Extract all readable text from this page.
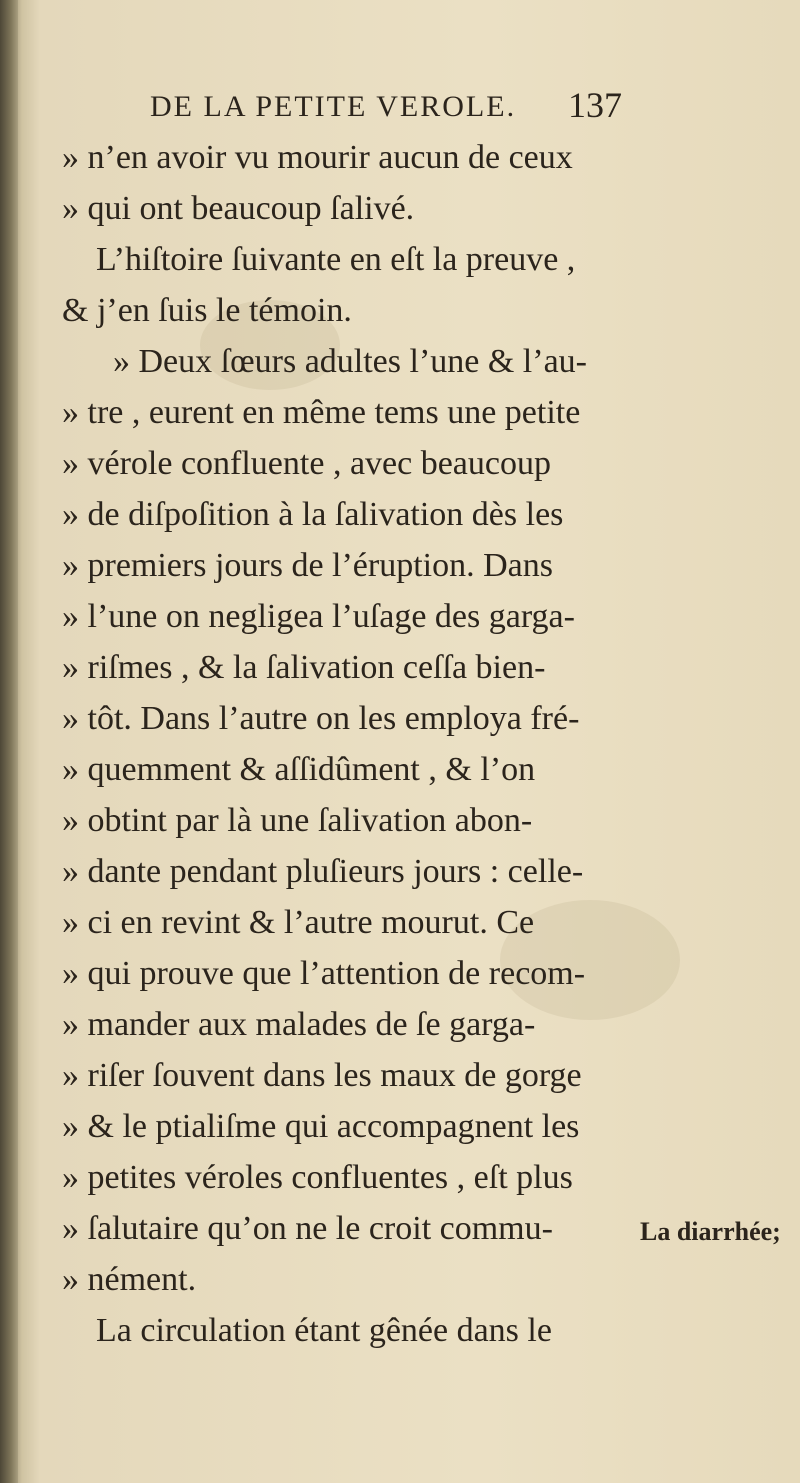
DE LA PETITE VEROLE. 137
» n’en avoir vu mourir aucun de ceux
» qui ont beaucoup ſalivé.
L’hiſtoire ſuivante en eſt la preuve ,
& j’en ſuis le témoin.
» Deux ſœurs adultes l’une & l’au-
» tre , eurent en même tems une petite
» vérole confluente , avec beaucoup
» de diſpoſition à la ſalivation dès les
» premiers jours de l’éruption. Dans
» l’une on negligea l’uſage des garga-
» riſmes , & la ſalivation ceſſa bien-
» tôt. Dans l’autre on les employa fré-
» quemment & aſſidûment , & l’on
» obtint par là une ſalivation abon-
» dante pendant pluſieurs jours : celle-
» ci en revint & l’autre mourut. Ce
» qui prouve que l’attention de recom-
» mander aux malades de ſe garga-
» riſer ſouvent dans les maux de gorge
» & le ptialiſme qui accompagnent les
» petites véroles confluentes , eſt plus
» ſalutaire qu’on ne le croit commu-
» nément.
La circulation étant gênée dans le
La diarrhée;
